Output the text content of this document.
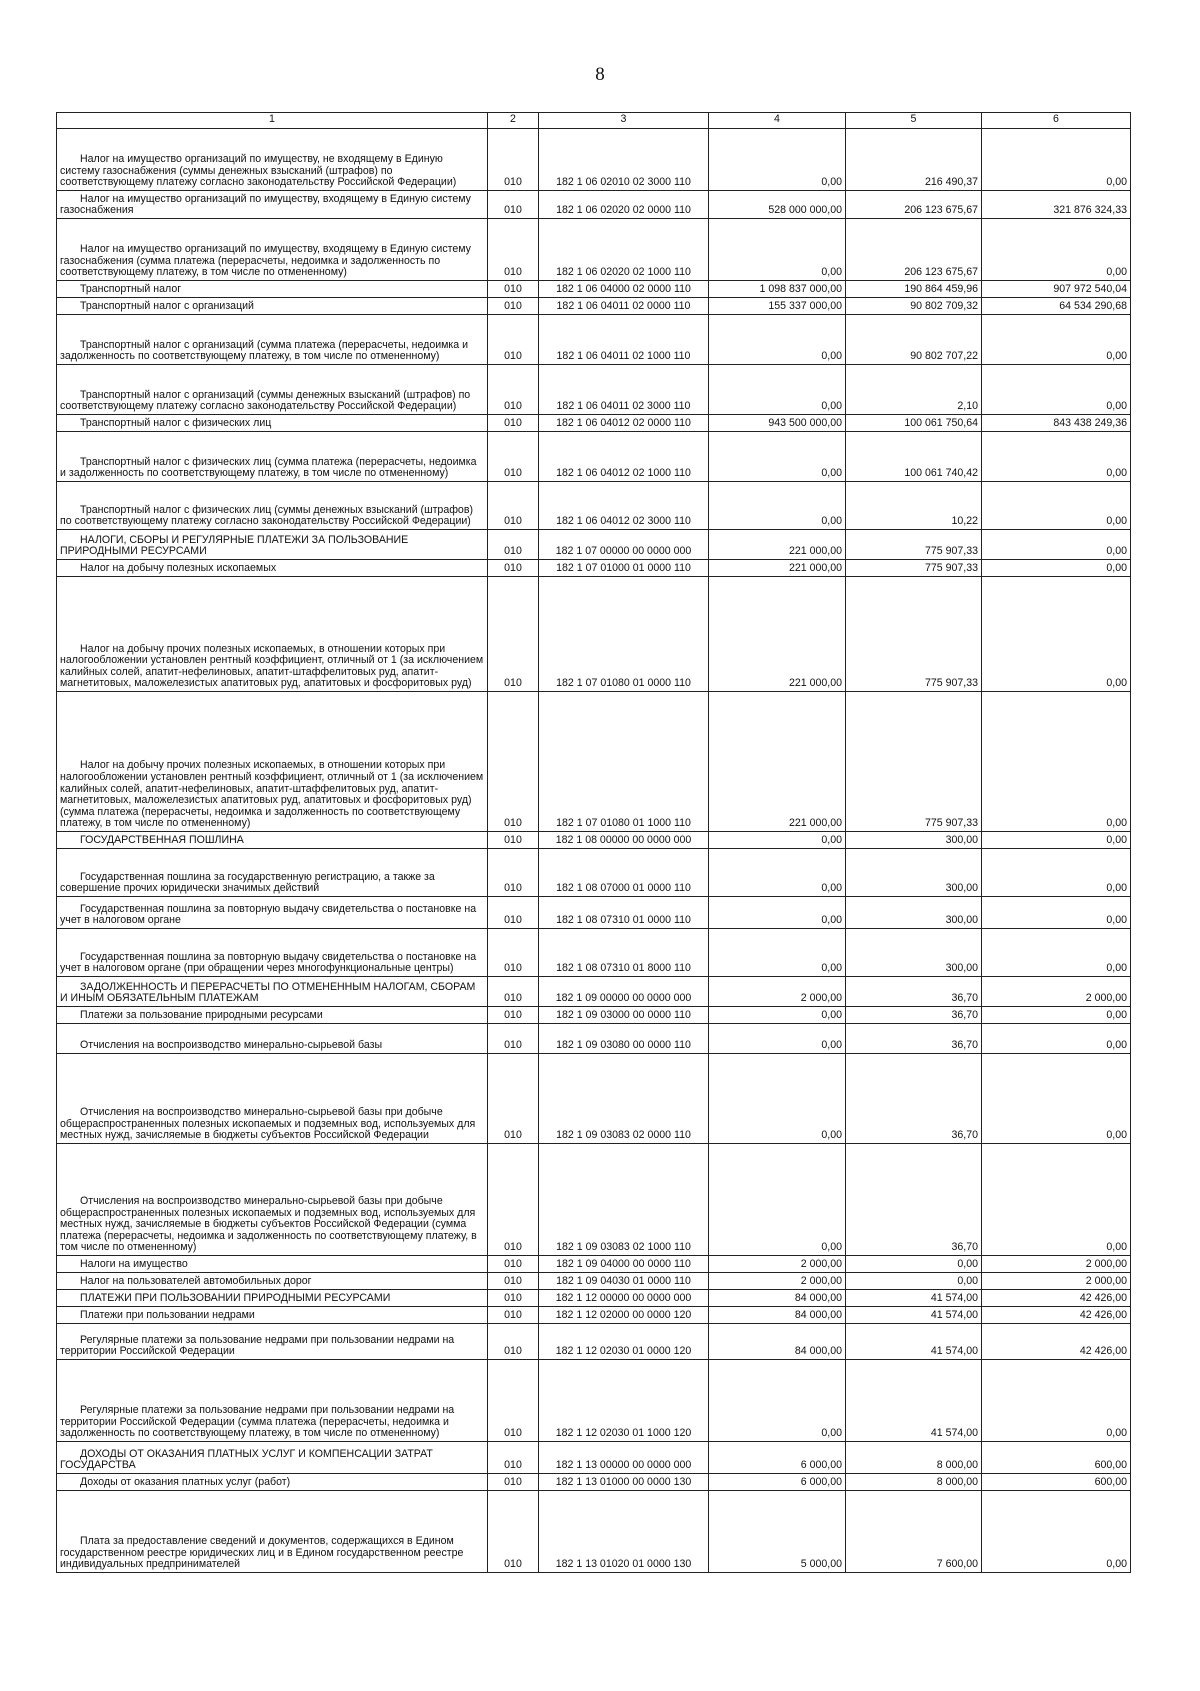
8
1	2	3	4	5	6

Налог на имущество организаций по имуществу, не входящему в Единую систему газоснабжения (суммы денежных взысканий (штрафов) по соответствующему платежу согласно законодательству Российской Федерации)	010	182 1 06 02010 02 3000 110	0,00	216 490,37	0,00

Налог на имущество организаций по имуществу, входящему в Единую систему газоснабжения	010	182 1 06 02020 02 0000 110	528 000 000,00	206 123 675,67	321 876 324,33

Налог на имущество организаций по имуществу, входящему в Единую систему газоснабжения (сумма платежа (перерасчеты, недоимка и задолженность по соответствующему платежу, в том числе по отмененному)	010	182 1 06 02020 02 1000 110	0,00	206 123 675,67	0,00

Транспортный налог	010	182 1 06 04000 02 0000 110	1 098 837 000,00	190 864 459,96	907 972 540,04

Транспортный налог с организаций	010	182 1 06 04011 02 0000 110	155 337 000,00	90 802 709,32	64 534 290,68

Транспортный налог с организаций (сумма платежа (перерасчеты, недоимка и задолженность по соответствующему платежу, в том числе по отмененному)	010	182 1 06 04011 02 1000 110	0,00	90 802 707,22	0,00

Транспортный налог с организаций (суммы денежных взысканий (штрафов) по соответствующему платежу согласно законодательству Российской Федерации)	010	182 1 06 04011 02 3000 110	0,00	2,10	0,00

Транспортный налог с физических лиц	010	182 1 06 04012 02 0000 110	943 500 000,00	100 061 750,64	843 438 249,36

Транспортный налог с физических лиц (сумма платежа (перерасчеты, недоимка и задолженность по соответствующему платежу, в том числе по отмененному)	010	182 1 06 04012 02 1000 110	0,00	100 061 740,42	0,00

Транспортный налог с физических лиц (суммы денежных взысканий (штрафов) по соответствующему платежу согласно законодательству Российской Федерации)	010	182 1 06 04012 02 3000 110	0,00	10,22	0,00

НАЛОГИ, СБОРЫ И РЕГУЛЯРНЫЕ ПЛАТЕЖИ ЗА ПОЛЬЗОВАНИЕ ПРИРОДНЫМИ РЕСУРСАМИ	010	182 1 07 00000 00 0000 000	221 000,00	775 907,33	0,00

Налог на добычу полезных ископаемых	010	182 1 07 01000 01 0000 110	221 000,00	775 907,33	0,00

Налог на добычу прочих полезных ископаемых, в отношении которых при налогообложении установлен рентный коэффициент, отличный от 1 (за исключением калийных солей, апатит-нефелиновых, апатит-штаффелитовых руд, апатит-магнетитовых, маложелезистых апатитовых руд, апатитовых и фосфоритовых руд)	010	182 1 07 01080 01 0000 110	221 000,00	775 907,33	0,00

Налог на добычу прочих полезных ископаемых, в отношении которых при налогообложении установлен рентный коэффициент, отличный от 1 (за исключением калийных солей, апатит-нефелиновых, апатит-штаффелитовых руд, апатит-магнетитовых, маложелезистых апатитовых руд, апатитовых и фосфоритовых руд) (сумма платежа (перерасчеты, недоимка и задолженность по соответствующему платежу, в том числе по отмененному)	010	182 1 07 01080 01 1000 110	221 000,00	775 907,33	0,00

ГОСУДАРСТВЕННАЯ ПОШЛИНА	010	182 1 08 00000 00 0000 000	0,00	300,00	0,00

Государственная пошлина за государственную регистрацию, а также за совершение прочих юридически значимых действий	010	182 1 08 07000 01 0000 110	0,00	300,00	0,00

Государственная пошлина за повторную выдачу свидетельства о постановке на учет в налоговом органе	010	182 1 08 07310 01 0000 110	0,00	300,00	0,00

Государственная пошлина за повторную выдачу свидетельства о постановке на учет в налоговом органе (при обращении через многофункциональные центры)	010	182 1 08 07310 01 8000 110	0,00	300,00	0,00

ЗАДОЛЖЕННОСТЬ И ПЕРЕРАСЧЕТЫ ПО ОТМЕНЕННЫМ НАЛОГАМ, СБОРАМ И ИНЫМ ОБЯЗАТЕЛЬНЫМ ПЛАТЕЖАМ	010	182 1 09 00000 00 0000 000	2 000,00	36,70	2 000,00

Платежи за пользование природными ресурсами	010	182 1 09 03000 00 0000 110	0,00	36,70	0,00

Отчисления на воспроизводство минерально-сырьевой базы	010	182 1 09 03080 00 0000 110	0,00	36,70	0,00

Отчисления на воспроизводство минерально-сырьевой базы при добыче общераспространенных полезных ископаемых и подземных вод, используемых для местных нужд, зачисляемые в бюджеты субъектов Российской Федерации	010	182 1 09 03083 02 0000 110	0,00	36,70	0,00

Отчисления на воспроизводство минерально-сырьевой базы при добыче общераспространенных полезных ископаемых и подземных вод, используемых для местных нужд, зачисляемые в бюджеты субъектов Российской Федерации (сумма платежа (перерасчеты, недоимка и задолженность по соответствующему платежу, в том числе по отмененному)	010	182 1 09 03083 02 1000 110	0,00	36,70	0,00

Налоги на имущество	010	182 1 09 04000 00 0000 110	2 000,00	0,00	2 000,00

Налог на пользователей автомобильных дорог	010	182 1 09 04030 01 0000 110	2 000,00	0,00	2 000,00

ПЛАТЕЖИ ПРИ ПОЛЬЗОВАНИИ ПРИРОДНЫМИ РЕСУРСАМИ	010	182 1 12 00000 00 0000 000	84 000,00	41 574,00	42 426,00

Платежи при пользовании недрами	010	182 1 12 02000 00 0000 120	84 000,00	41 574,00	42 426,00

Регулярные платежи за пользование недрами при пользовании недрами на территории Российской Федерации	010	182 1 12 02030 01 0000 120	84 000,00	41 574,00	42 426,00

Регулярные платежи за пользование недрами при пользовании недрами на территории Российской Федерации (сумма платежа (перерасчеты, недоимка и задолженность по соответствующему платежу, в том числе по отмененному)	010	182 1 12 02030 01 1000 120	0,00	41 574,00	0,00

ДОХОДЫ ОТ ОКАЗАНИЯ ПЛАТНЫХ УСЛУГ И КОМПЕНСАЦИИ ЗАТРАТ ГОСУДАРСТВА	010	182 1 13 00000 00 0000 000	6 000,00	8 000,00	600,00

Доходы от оказания платных услуг (работ)	010	182 1 13 01000 00 0000 130	6 000,00	8 000,00	600,00

Плата за предоставление сведений и документов, содержащихся в Едином государственном реестре юридических лиц и в Едином государственном реестре индивидуальных предпринимателей	010	182 1 13 01020 01 0000 130	5 000,00	7 600,00	0,00
